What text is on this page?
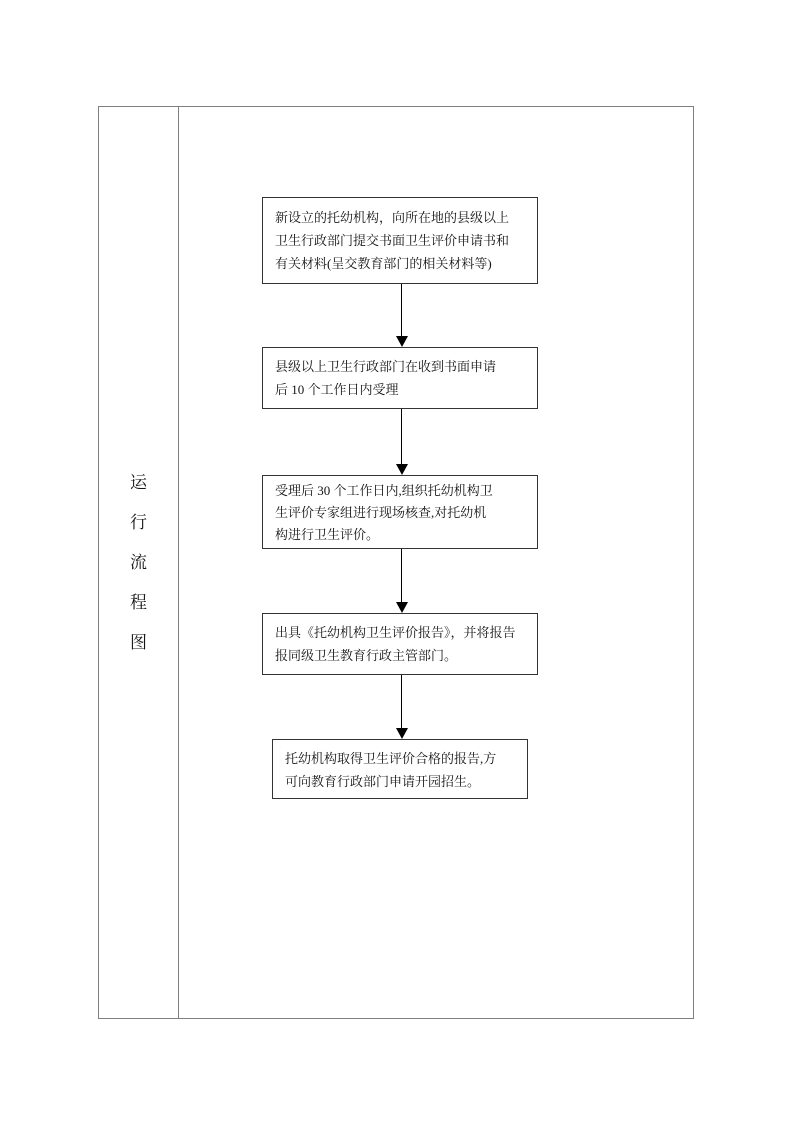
运
行
流
程
图
新设立的托幼机构，向所在地的县级以上
卫生行政部门提交书面卫生评价申请书和
有关材料(呈交教育部门的相关材料等)
县级以上卫生行政部门在收到书面申请
后 10 个工作日内受理
受理后 30 个工作日内,组织托幼机构卫
生评价专家组进行现场核查,对托幼机
构进行卫生评价。
出具《托幼机构卫生评价报告》，并将报告
报同级卫生教育行政主管部门。
托幼机构取得卫生评价合格的报告,方
可向教育行政部门申请开园招生。
